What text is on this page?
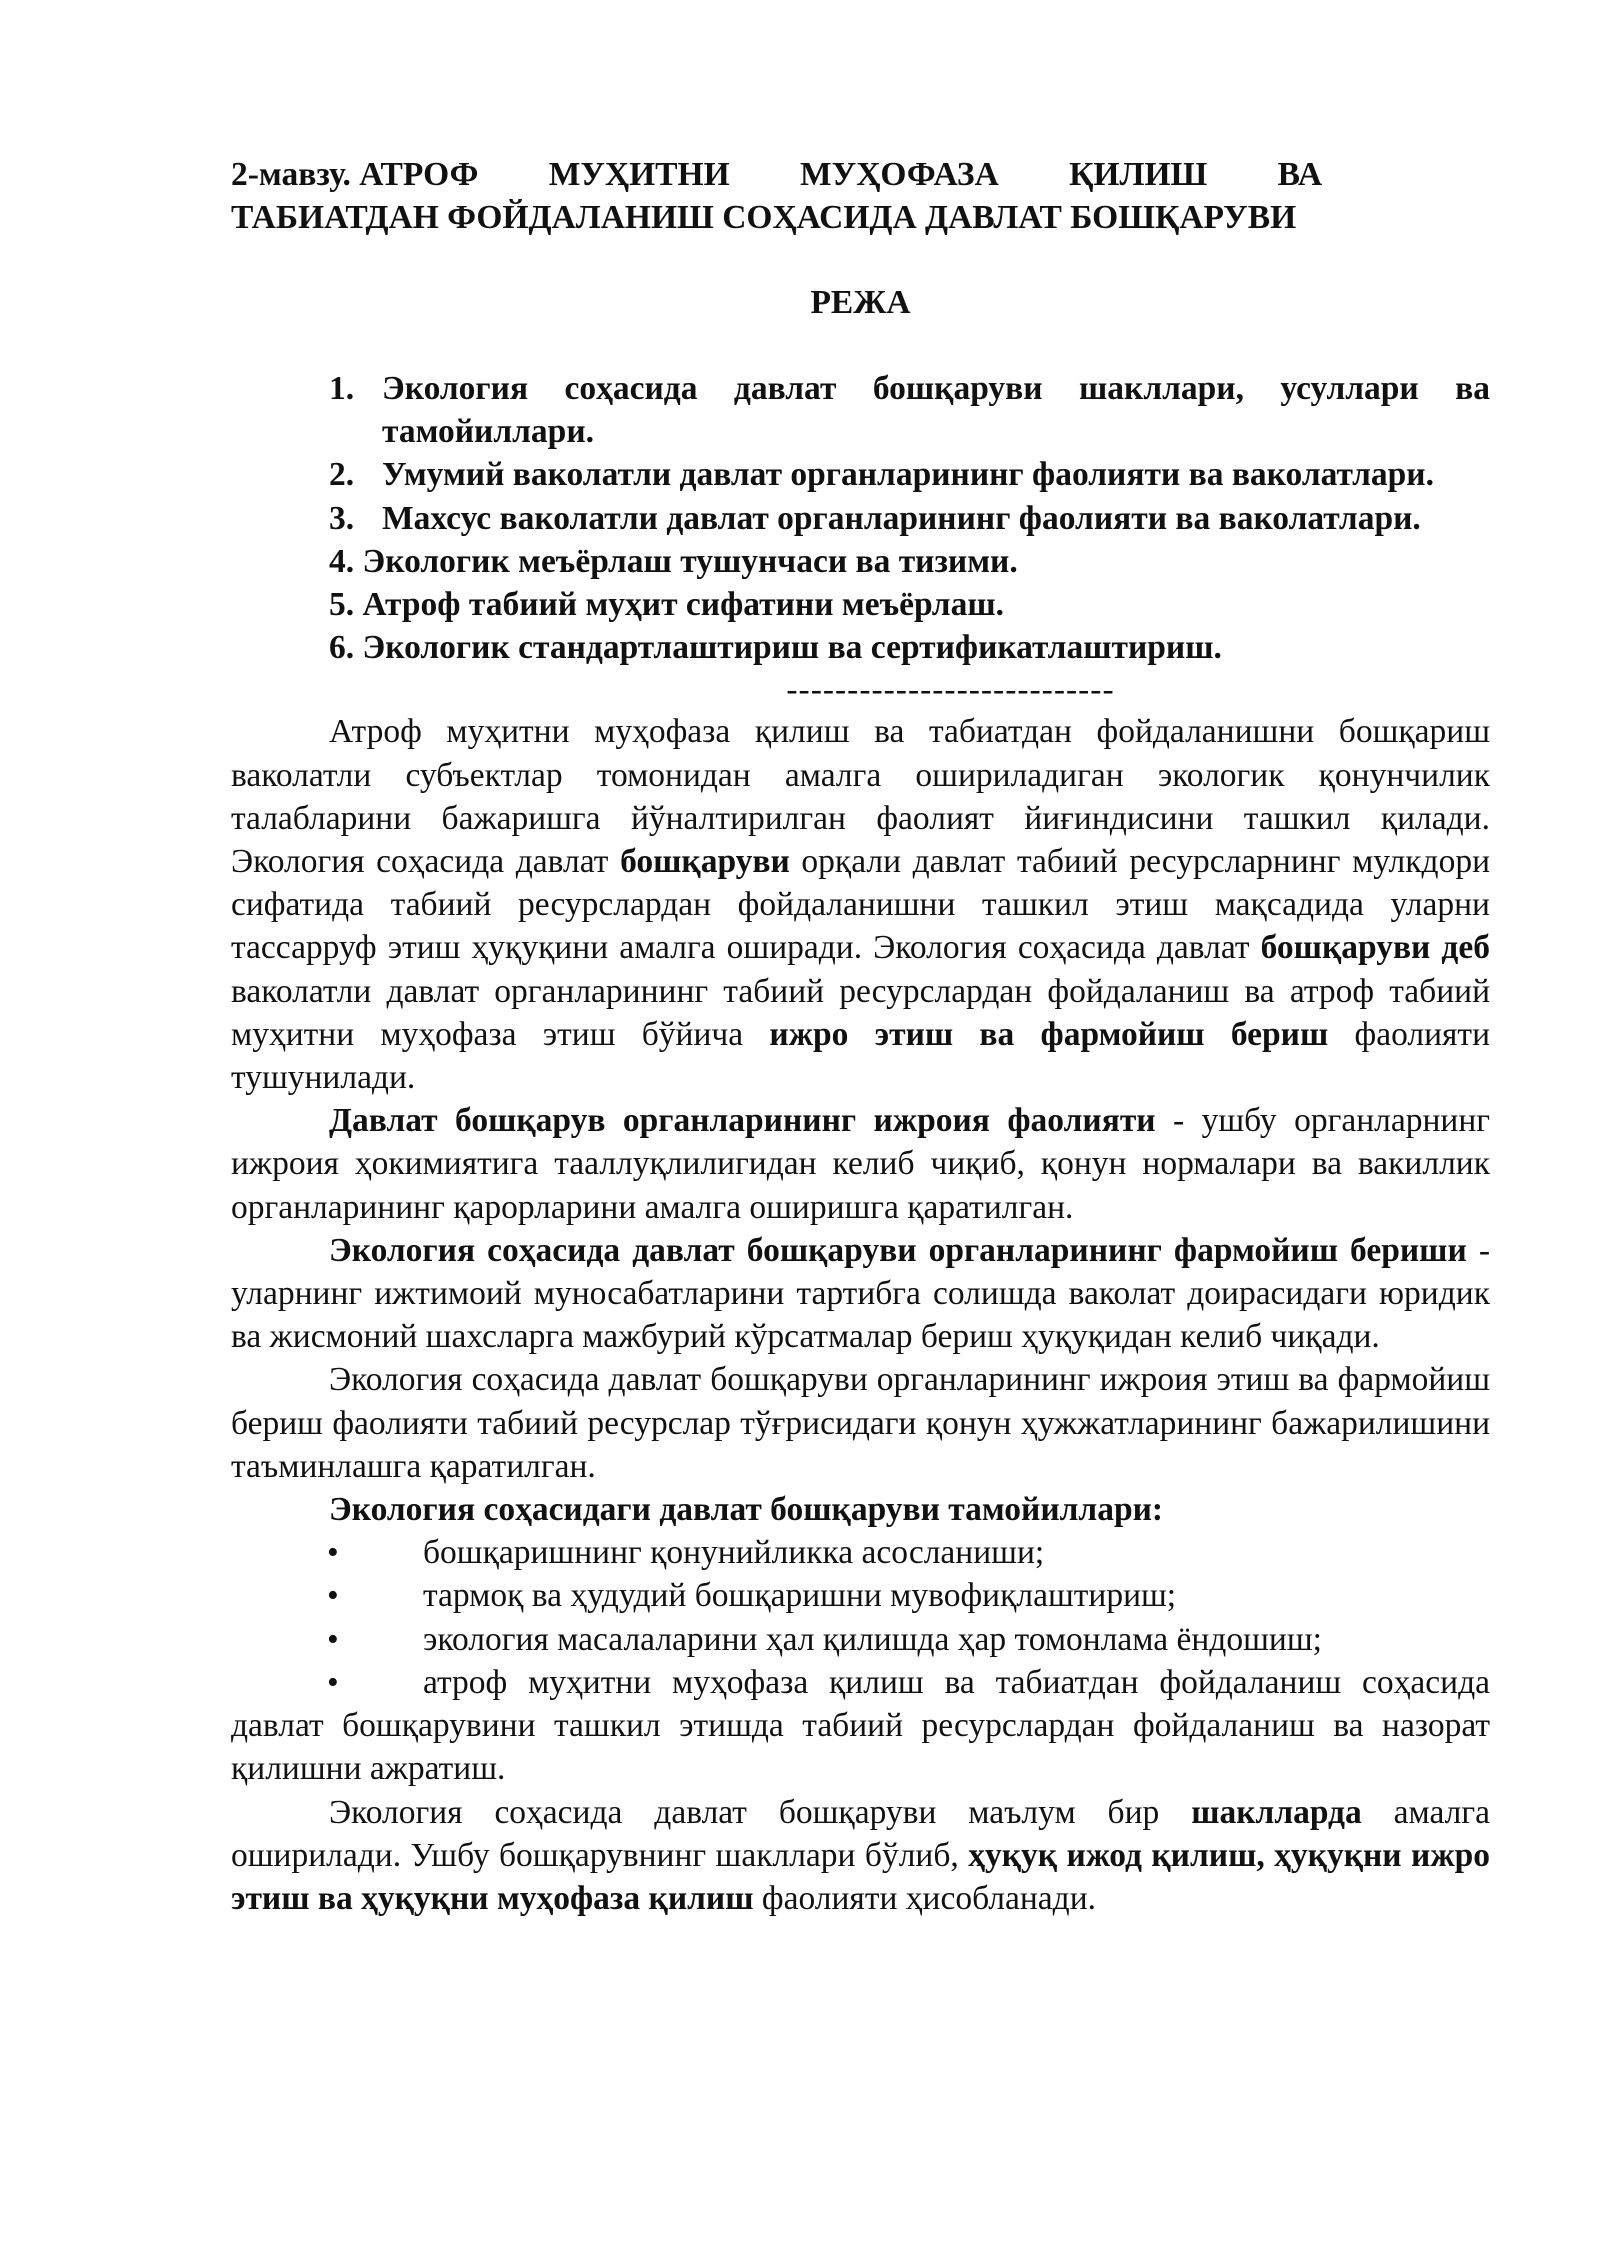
2-мавзу. АТРОФ МУҲИТНИ МУҲОФАЗА ҚИЛИШ ВА
ТАБИАТДАН ФОЙДАЛАНИШ СОҲАСИДА ДАВЛАТ БОШҚАРУВИ

РЕЖА
1. Экология соҳасида давлат бошқаруви шакллари, усуллари ва тамойиллари.
2. Умумий ваколатли давлат органларининг фаолияти ва ваколатлари.
3. Махсус ваколатли давлат органларининг фаолияти ва ваколатлари.
4. Экологик меъёрлаш тушунчаси ва тизими.
5. Атроф табиий муҳит сифатини меъёрлаш.
6. Экологик стандартлаштириш ва сертификатлаштириш.
---------------------------

Атроф муҳитни муҳофаза қилиш ва табиатдан фойдаланишни бошқариш ваколатли субъектлар томонидан амалга ошириладиган экологик қонунчилик талабларини бажаришга йўналтирилган фаолият йиғиндисини ташкил қилади. Экология соҳасида давлат бошқаруви орқали давлат табиий ресурсларнинг мулкдори сифатида табиий ресурслардан фойдаланишни ташкил этиш мақсадида уларни тассарруф этиш ҳуқуқини амалга оширади. Экология соҳасида давлат бошқаруви деб ваколатли давлат органларининг табиий ресурслардан фойдаланиш ва атроф табиий муҳитни муҳофаза этиш бўйича ижро этиш ва фармойиш бериш фаолияти тушунилади.

Давлат бошқарув органларининг ижроия фаолияти - ушбу органларнинг ижроия ҳокимиятига тааллуқлилигидан келиб чиқиб, қонун нормалари ва вакиллик органларининг қарорларини амалга оширишга қаратилган.

Экология соҳасида давлат бошқаруви органларининг фармойиш бериши - уларнинг ижтимоий муносабатларини тартибга солишда ваколат доирасидаги юридик ва жисмоний шахсларга мажбурий кўрсатмалар бериш ҳуқуқидан келиб чиқади.

Экология соҳасида давлат бошқаруви органларининг ижроия этиш ва фармойиш бериш фаолияти табиий ресурслар тўғрисидаги қонун ҳужжатларининг бажарилишини таъминлашга қаратилган.

Экология соҳасидаги давлат бошқаруви тамойиллари:

•	бошқаришнинг қонунийликка асосланиши;
•	тармоқ ва ҳудудий бошқаришни мувофиқлаштириш;
•	экология масалаларини ҳал қилишда ҳар томонлама ёндошиш;
•	атроф муҳитни муҳофаза қилиш ва табиатдан фойдаланиш соҳасида давлат бошқарувини ташкил этишда табиий ресурслардан фойдаланиш ва назорат қилишни ажратиш.

Экология соҳасида давлат бошқаруви маълум бир шаклларда амалга оширилади. Ушбу бошқарувнинг шакллари бўлиб, ҳуқуқ ижод қилиш, ҳуқуқни ижро этиш ва ҳуқуқни муҳофаза қилиш фаолияти ҳисобланади.
